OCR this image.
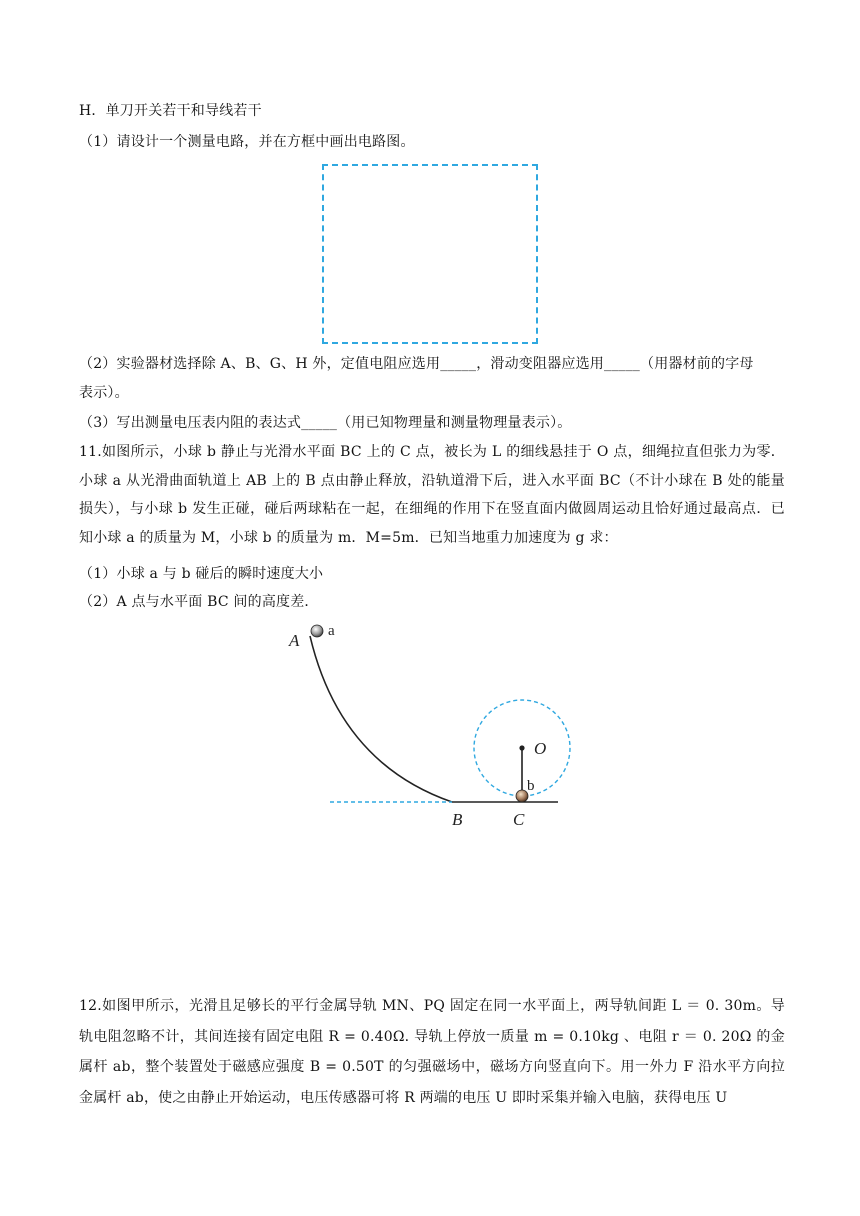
H．单刀开关若干和导线若干
（1）请设计一个测量电路，并在方框中画出电路图。
（2）实验器材选择除 A、B、G、H 外，定值电阻应选用_____，滑动变阻器应选用_____（用器材前的字母
表示）。
（3）写出测量电压表内阻的表达式_____（用已知物理量和测量物理量表示）。
11.如图所示，小球 b 静止与光滑水平面 BC 上的 C 点，被长为 L 的细线悬挂于 O 点，细绳拉直但张力为零．小球 a 从光滑曲面轨道上 AB 上的 B 点由静止释放，沿轨道滑下后，进入水平面 BC（不计小球在 B 处的能量损失），与小球 b 发生正碰，碰后两球粘在一起，在细绳的作用下在竖直面内做圆周运动且恰好通过最高点．已知小球 a 的质量为 M，小球 b 的质量为 m．M=5m．已知当地重力加速度为 g 求：
（1）小球 a 与 b 碰后的瞬时速度大小
（2）A 点与水平面 BC 间的高度差．
A a
O
b
B	C
12.如图甲所示，光滑且足够长的平行金属导轨 MN、PQ 固定在同一水平面上，两导轨间距 L ＝ 0. 30m。导轨电阻忽略不计，其间连接有固定电阻 R = 0.40Ω. 导轨上停放一质量 m = 0.10kg 、电阻 r ＝ 0. 20Ω 的金属杆 ab，整个装置处于磁感应强度 B = 0.50T 的匀强磁场中，磁场方向竖直向下。用一外力 F 沿水平方向拉金属杆 ab，使之由静止开始运动，电压传感器可将 R 两端的电压 U 即时采集并输入电脑，获得电压 U
